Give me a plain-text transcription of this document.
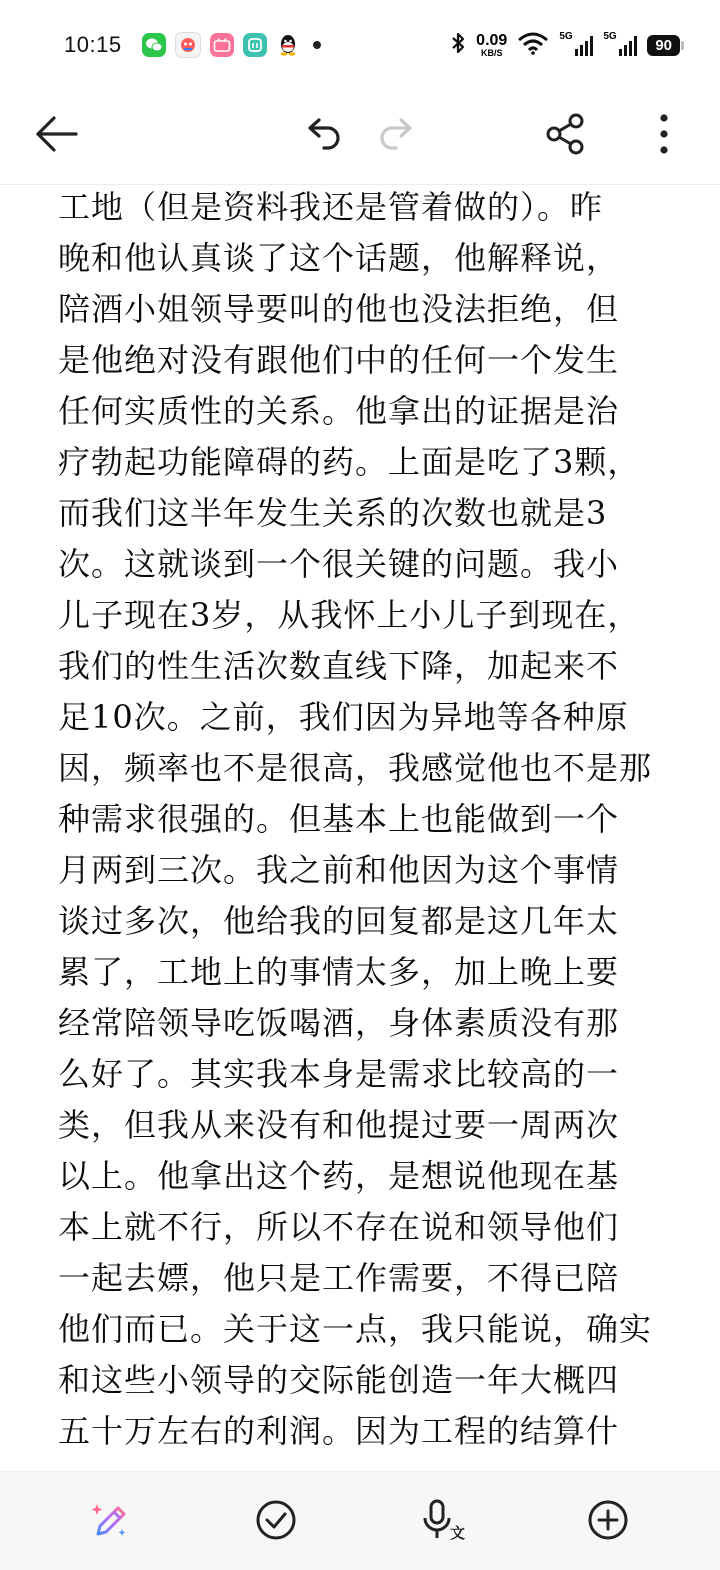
10:15	0.09
KB/S
5G	5G	90
工地（但是资料我还是管着做的）。昨
晚和他认真谈了这个话题，他解释说，
陪酒小姐领导要叫的他也没法拒绝，但
是他绝对没有跟他们中的任何一个发生
任何实质性的关系。他拿出的证据是治
疗勃起功能障碍的药。上面是吃了3颗，
而我们这半年发生关系的次数也就是3
次。这就谈到一个很关键的问题。我小
儿子现在3岁，从我怀上小儿子到现在，
我们的性生活次数直线下降，加起来不
足10次。之前，我们因为异地等各种原
因，频率也不是很高，我感觉他也不是那
种需求很强的。但基本上也能做到一个
月两到三次。我之前和他因为这个事情
谈过多次，他给我的回复都是这几年太
累了，工地上的事情太多，加上晚上要
经常陪领导吃饭喝酒，身体素质没有那
么好了。其实我本身是需求比较高的一
类，但我从来没有和他提过要一周两次
以上。他拿出这个药，是想说他现在基
本上就不行，所以不存在说和领导他们
一起去嫖，他只是工作需要，不得已陪
他们而已。关于这一点，我只能说，确实
和这些小领导的交际能创造一年大概四
五十万左右的利润。因为工程的结算什
文
